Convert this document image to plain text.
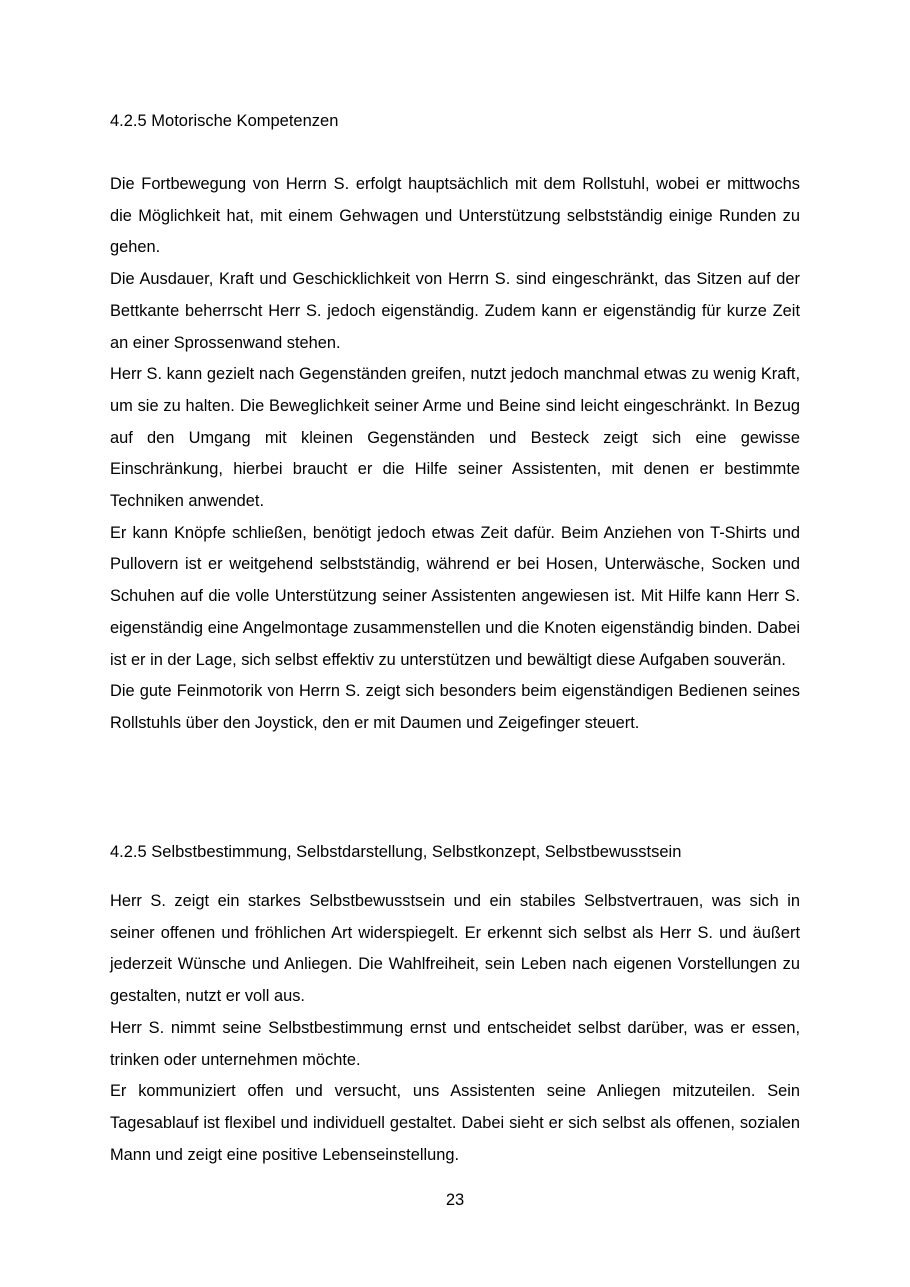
4.2.5 Motorische Kompetenzen

Die Fortbewegung von Herrn S. erfolgt hauptsächlich mit dem Rollstuhl, wobei er mittwochs die Möglichkeit hat, mit einem Gehwagen und Unterstützung selbstständig einige Runden zu gehen.

Die Ausdauer, Kraft und Geschicklichkeit von Herrn S. sind eingeschränkt, das Sitzen auf der Bettkante beherrscht Herr S. jedoch eigenständig. Zudem kann er eigenständig für kurze Zeit an einer Sprossenwand stehen.

Herr S. kann gezielt nach Gegenständen greifen, nutzt jedoch manchmal etwas zu wenig Kraft, um sie zu halten. Die Beweglichkeit seiner Arme und Beine sind leicht eingeschränkt. In Bezug auf den Umgang mit kleinen Gegenständen und Besteck zeigt sich eine gewisse Einschränkung, hierbei braucht er die Hilfe seiner Assistenten, mit denen er bestimmte Techniken anwendet.

Er kann Knöpfe schließen, benötigt jedoch etwas Zeit dafür. Beim Anziehen von T-Shirts und Pullovern ist er weitgehend selbstständig, während er bei Hosen, Unterwäsche, Socken und Schuhen auf die volle Unterstützung seiner Assistenten angewiesen ist. Mit Hilfe kann Herr S. eigenständig eine Angelmontage zusammenstellen und die Knoten eigenständig binden. Dabei ist er in der Lage, sich selbst effektiv zu unterstützen und bewältigt diese Aufgaben souverän.

Die gute Feinmotorik von Herrn S. zeigt sich besonders beim eigenständigen Bedienen seines Rollstuhls über den Joystick, den er mit Daumen und Zeigefinger steuert.

4.2.5 Selbstbestimmung, Selbstdarstellung, Selbstkonzept, Selbstbewusstsein

Herr S. zeigt ein starkes Selbstbewusstsein und ein stabiles Selbstvertrauen, was sich in seiner offenen und fröhlichen Art widerspiegelt. Er erkennt sich selbst als Herr S. und äußert jederzeit Wünsche und Anliegen. Die Wahlfreiheit, sein Leben nach eigenen Vorstellungen zu gestalten, nutzt er voll aus.

Herr S. nimmt seine Selbstbestimmung ernst und entscheidet selbst darüber, was er essen, trinken oder unternehmen möchte.

Er kommuniziert offen und versucht, uns Assistenten seine Anliegen mitzuteilen. Sein Tagesablauf ist flexibel und individuell gestaltet. Dabei sieht er sich selbst als offenen, sozialen Mann und zeigt eine positive Lebenseinstellung.

23
